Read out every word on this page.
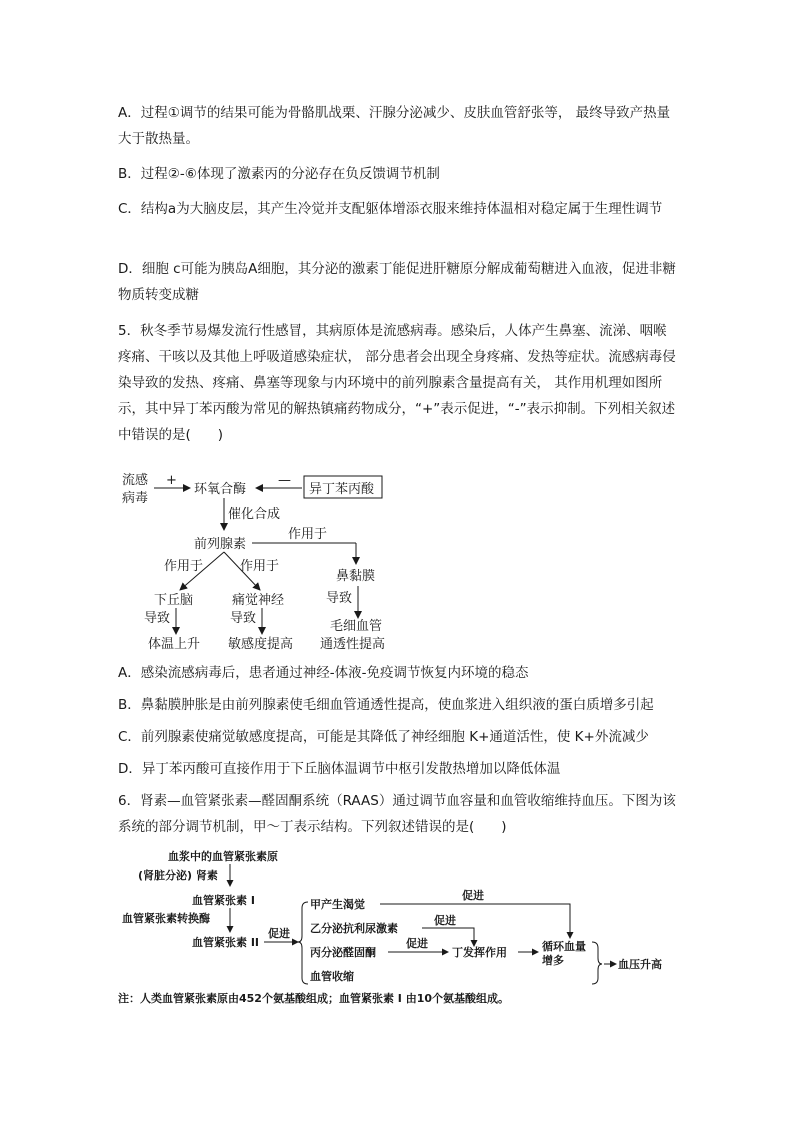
A．过程①调节的结果可能为骨骼肌战栗、汗腺分泌减少、皮肤血管舒张等， 最终导致产热量大于散热量。
B．过程②-⑥体现了激素丙的分泌存在负反馈调节机制
C．结构a为大脑皮层，其产生冷觉并支配躯体增添衣服来维持体温相对稳定属于生理性调节
D．细胞 c可能为胰岛A细胞，其分泌的激素丁能促进肝糖原分解成葡萄糖进入血液，促进非糖物质转变成糖
5．秋冬季节易爆发流行性感冒，其病原体是流感病毒。感染后，人体产生鼻塞、流涕、咽喉疼痛、干咳以及其他上呼吸道感染症状， 部分患者会出现全身疼痛、发热等症状。流感病毒侵染导致的发热、疼痛、鼻塞等现象与内环境中的前列腺素含量提高有关， 其作用机理如图所示，其中异丁苯丙酸为常见的解热镇痛药物成分，“+”表示促进，“-”表示抑制。下列相关叙述中错误的是(　　)
流感
病毒
+
环氧合酶
—
异丁苯丙酸
催化合成
前列腺素
作用于
作用于	作用于
鼻黏膜
下丘脑	痛觉神经	导致
导致	导致
毛细血管
通透性提高
体温上升 敏感度提高
A．感染流感病毒后，患者通过神经-体液-免疫调节恢复内环境的稳态
B．鼻黏膜肿胀是由前列腺素使毛细血管通透性提高，使血浆进入组织液的蛋白质增多引起
C．前列腺素使痛觉敏感度提高，可能是其降低了神经细胞 K+通道活性，使 K+外流减少
D．异丁苯丙酸可直接作用于下丘脑体温调节中枢引发散热增加以降低体温
6．肾素—血管紧张素—醛固酮系统（RAAS）通过调节血容量和血管收缩维持血压。下图为该系统的部分调节机制，甲～丁表示结构。下列叙述错误的是(　　)
血浆中的血管紧张素原
(肾脏分泌) 肾素
血管紧张素 I
血管紧张素转换酶
血管紧张素 II
促进
甲产生渴觉
乙分泌抗利尿激素
丙分泌醛固酮
血管收缩
促进
促进
促进
丁发挥作用	循环血量
增多	血压升高
注：人类血管紧张素原由452个氨基酸组成；血管紧张素 I 由10个氨基酸组成。
